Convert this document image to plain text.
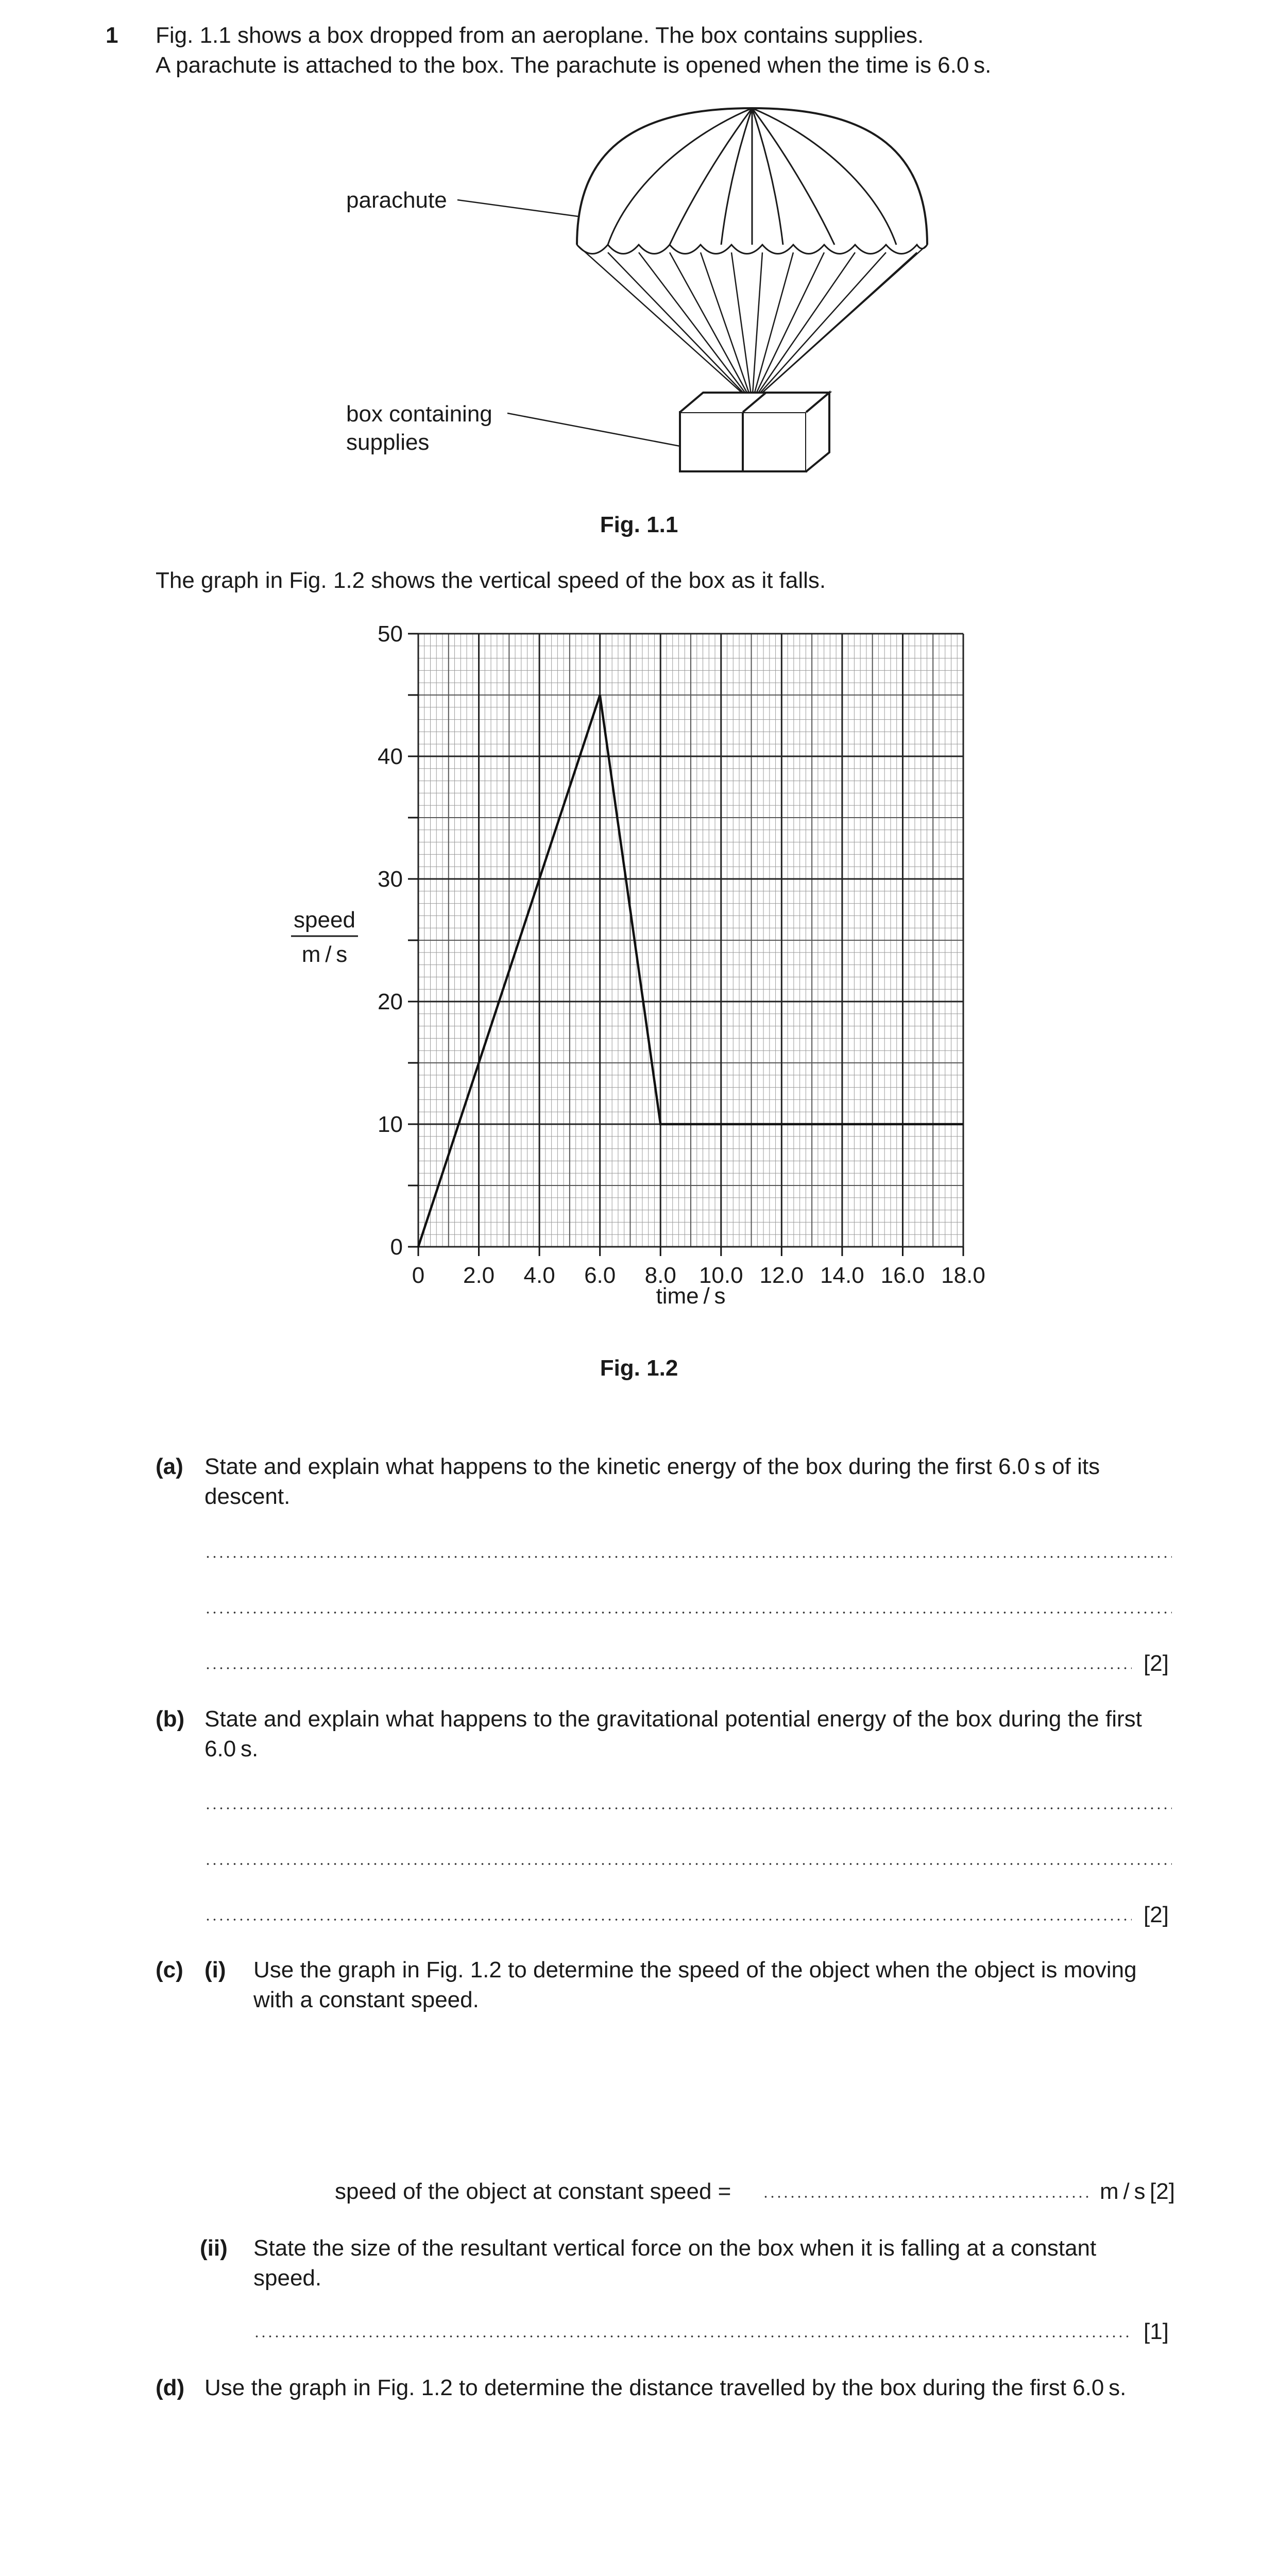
1 Fig. 1.1 shows a box dropped from an aeroplane. The box contains supplies.
A parachute is attached to the box. The parachute is opened when the time is 6.0 s.
parachute
box containing
supplies
Fig. 1.1
The graph in Fig. 1.2 shows the vertical speed of the box as it falls.
0 2.0 4.0 6.0 8.0 10.0 12.0 14.0 16.0 18.0
0
10
20
30
40
50
time / s
speed
m / s
Fig. 1.2
(a) State and explain what happens to the kinetic energy of the box during the first 6.0 s of its
descent.
[2]
(b) State and explain what happens to the gravitational potential energy of the box during the first
6.0 s.
[2]
(c) (i) Use the graph in Fig. 1.2 to determine the speed of the object when the object is moving
with a constant speed.
speed of the object at constant speed =	m / s [2]
(ii) State the size of the resultant vertical force on the box when it is falling at a constant
speed.
[1]
(d) Use the graph in Fig. 1.2 to determine the distance travelled by the box during the first 6.0 s.
